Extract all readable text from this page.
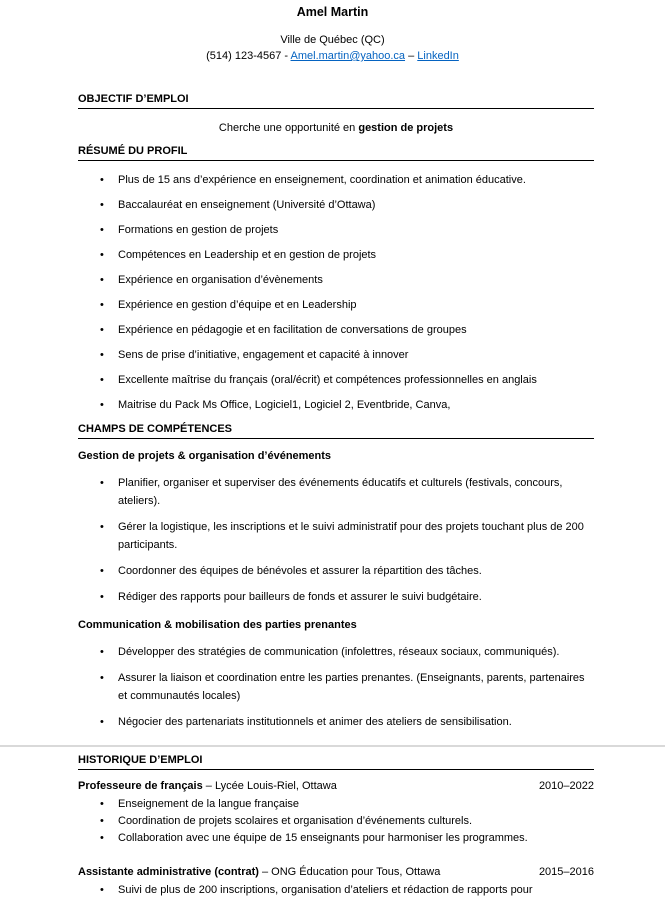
Amel Martin
Ville de Québec (QC)
(514) 123-4567 - Amel.martin@yahoo.ca – LinkedIn
OBJECTIF D’EMPLOI
Cherche une opportunité en gestion de projets
RÉSUMÉ DU PROFIL
• Plus de 15 ans d’expérience en enseignement, coordination et animation éducative.
• Baccalauréat en enseignement (Université d’Ottawa)
• Formations en gestion de projets
• Compétences en Leadership et en gestion de projets
• Expérience en organisation d’évènements
• Expérience en gestion d’équipe et en Leadership
• Expérience en pédagogie et en facilitation de conversations de groupes
• Sens de prise d’initiative, engagement et capacité à innover
• Excellente maîtrise du français (oral/écrit) et compétences professionnelles en anglais
• Maitrise du Pack Ms Office, Logiciel1, Logiciel 2, Eventbride, Canva,
CHAMPS DE COMPÉTENCES
Gestion de projets & organisation d’événements
• Planifier, organiser et superviser des événements éducatifs et culturels (festivals, concours, ateliers).
• Gérer la logistique, les inscriptions et le suivi administratif pour des projets touchant plus de 200 participants.
• Coordonner des équipes de bénévoles et assurer la répartition des tâches.
• Rédiger des rapports pour bailleurs de fonds et assurer le suivi budgétaire.
Communication & mobilisation des parties prenantes
• Développer des stratégies de communication (infolettres, réseaux sociaux, communiqués).
• Assurer la liaison et coordination entre les parties prenantes. (Enseignants, parents, partenaires et communautés locales)
• Négocier des partenariats institutionnels et animer des ateliers de sensibilisation.
HISTORIQUE D’EMPLOI
Professeure de français – Lycée Louis-Riel, Ottawa	2010–2022
• Enseignement de la langue française
• Coordination de projets scolaires et organisation d’événements culturels.
• Collaboration avec une équipe de 15 enseignants pour harmoniser les programmes.
Assistante administrative (contrat) – ONG Éducation pour Tous, Ottawa	2015–2016
• Suivi de plus de 200 inscriptions, organisation d’ateliers et rédaction de rapports pour
